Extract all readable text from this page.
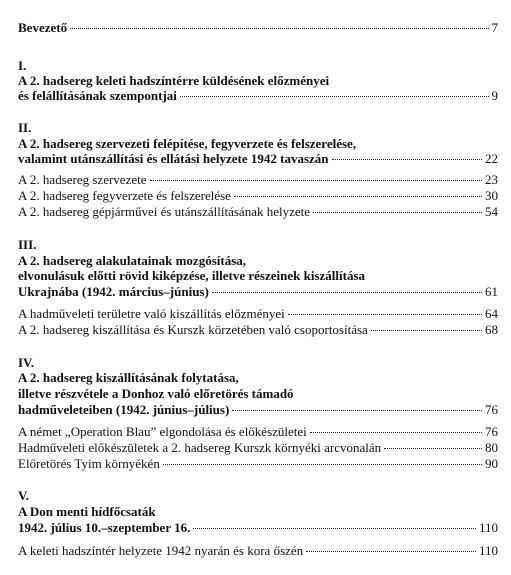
Bevezető	7
I.
A 2. hadsereg keleti hadszíntérre küldésének előzményei
és felállításának szempontjai	9
II.
A 2. hadsereg szervezeti felépítése, fegyverzete és felszerelése,
valamint utánszállítási és ellátási helyzete 1942 tavaszán	22
A 2. hadsereg szervezete	23
A 2. hadsereg fegyverzete és felszerelése	30
A 2. hadsereg gépjárművei és utánszállításának helyzete	54
III.
A 2. hadsereg alakulatainak mozgósítása,
elvonulásuk előtti rövid kiképzése, illetve részeinek kiszállítása
Ukrajnába (1942. március–június)	61
A hadműveleti területre való kiszállítás előzményei	64
A 2. hadsereg kiszállítása és Kurszk körzetében való csoportosítása	68
IV.
A 2. hadsereg kiszállításának folytatása,
illetve részvétele a Donhoz való előretörés támadó
hadműveleteiben (1942. június–július)	76
A német „Operation Blau” elgondolása és előkészületei	76
Hadműveleti előkészületek a 2. hadsereg Kurszk környéki arcvonalán	80
Előretörés Tyim környékén	90
V.
A Don menti hídfőcsaták
1942. július 10.–szeptember 16.	110
A keleti hadszíntér helyzete 1942 nyarán és kora őszén	110
